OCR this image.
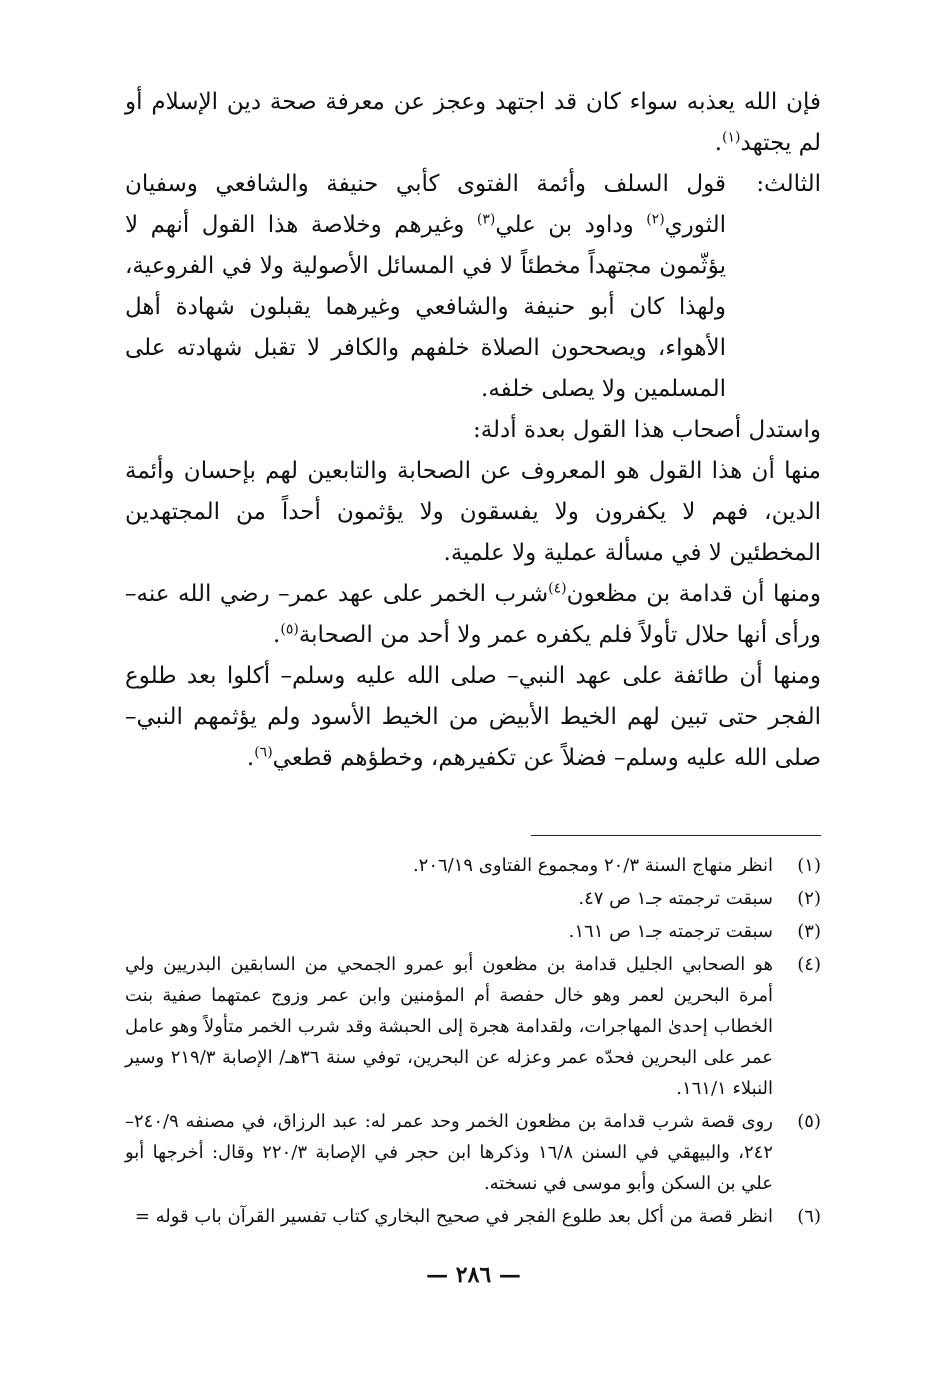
فإن الله يعذبه سواء كان قد اجتهد وعجز عن معرفة صحة دين الإسلام أو لم يجتهد$^{(١)}$.

الثالث:
قول السلف وأئمة الفتوى كأبي حنيفة والشافعي وسفيان الثوري$^{(٢)}$ وداود بن علي$^{(٣)}$ وغيرهم وخلاصة هذا القول أنهم لا يؤثّمون مجتهداً مخطئاً لا في المسائل الأصولية ولا في الفروعية، ولهذا كان أبو حنيفة والشافعي وغيرهما يقبلون شهادة أهل الأهواء، ويصححون الصلاة خلفهم والكافر لا تقبل شهادته على المسلمين ولا يصلى خلفه.

واستدل أصحاب هذا القول بعدة أدلة:

منها أن هذا القول هو المعروف عن الصحابة والتابعين لهم بإحسان وأئمة الدين، فهم لا يكفرون ولا يفسقون ولا يؤثمون أحداً من المجتهدين المخطئين لا في مسألة عملية ولا علمية.

ومنها أن قدامة بن مظعون$^{(٤)}$شرب الخمر على عهد عمر– رضي الله عنه– ورأى أنها حلال تأولاً فلم يكفره عمر ولا أحد من الصحابة$^{(٥)}$.

ومنها أن طائفة على عهد النبي– صلى الله عليه وسلم– أكلوا بعد طلوع الفجر حتى تبين لهم الخيط الأبيض من الخيط الأسود ولم يؤثمهم النبي– صلى الله عليه وسلم– فضلاً عن تكفيرهم، وخطؤهم قطعي$^{(٦)}$.

(١)
انظر منهاج السنة ٢٠/٣ ومجموع الفتاوى ٢٠٦/١٩.

(٢)
سبقت ترجمته جـ١ ص ٤٧.

(٣)
سبقت ترجمته جـ١ ص ١٦١.

(٤)
هو الصحابي الجليل قدامة بن مظعون أبو عمرو الجمحي من السابقين البدريين ولي أمرة البحرين لعمر وهو خال حفصة أم المؤمنين وابن عمر وزوج عمتهما صفية بنت الخطاب إحدىٰ المهاجرات، ولقدامة هجرة إلى الحبشة وقد شرب الخمر متأولاً وهو عامل عمر على البحرين فحدّه عمر وعزله عن البحرين، توفي سنة ٣٦هـ/ الإصابة ٢١٩/٣ وسير النبلاء ١٦١/١.

(٥)
روى قصة شرب قدامة بن مظعون الخمر وحد عمر له: عبد الرزاق، في مصنفه ٢٤٠/٩– ٢٤٢، والبيهقي في السنن ١٦/٨ وذكرها ابن حجر في الإصابة ٢٢٠/٣ وقال: أخرجها أبو علي بن السكن وأبو موسى في نسخته.

(٦)
انظر قصة من أكل بعد طلوع الفجر في صحيح البخاري كتاب تفسير القرآن باب قوله =

— ٢٨٦ —
